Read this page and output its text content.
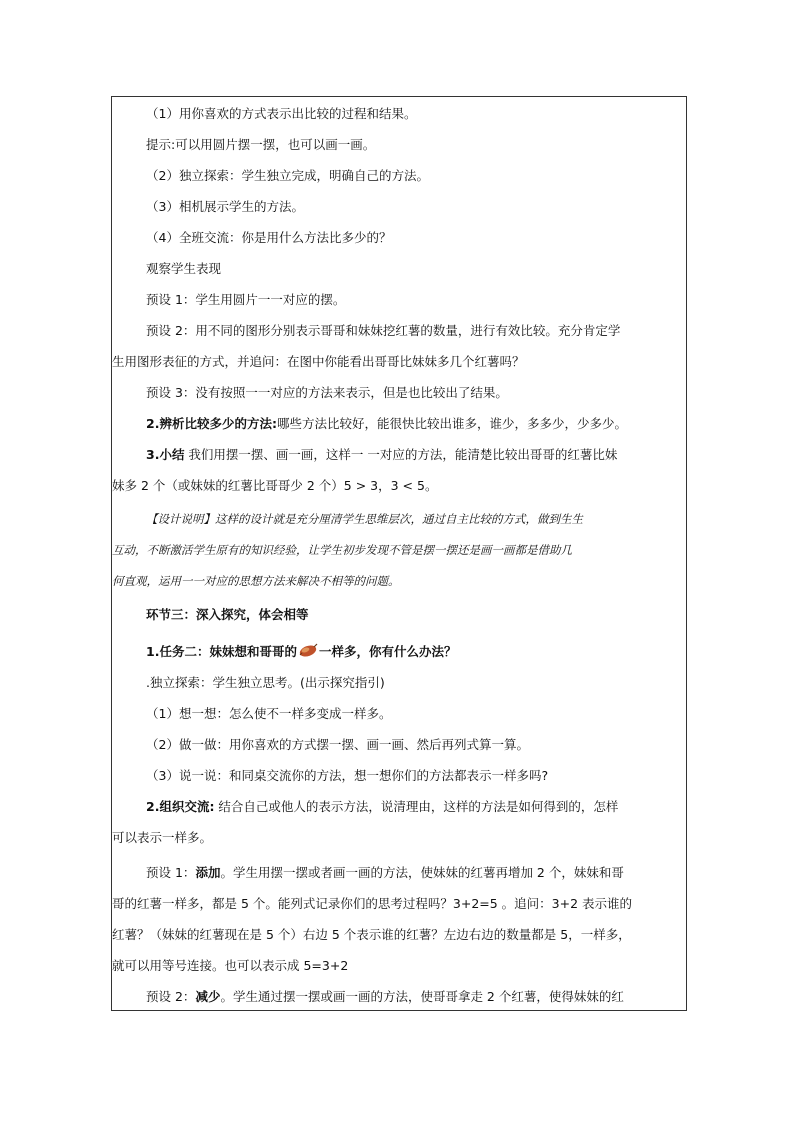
（1）用你喜欢的方式表示出比较的过程和结果。

提示:可以用圆片摆一摆，也可以画一画。

（2）独立探索：学生独立完成，明确自己的方法。

（3）相机展示学生的方法。

（4）全班交流：你是用什么方法比多少的？

观察学生表现

预设 1：学生用圆片一一对应的摆。

预设 2：用不同的图形分别表示哥哥和妹妹挖红薯的数量，进行有效比较。充分肯定学

生用图形表征的方式，并追问：在图中你能看出哥哥比妹妹多几个红薯吗？

预设 3：没有按照一一对应的方法来表示，但是也比较出了结果。

2.辨析比较多少的方法:哪些方法比较好，能很快比较出谁多，谁少，多多少，少多少。

3.小结 我们用摆一摆、画一画，这样一 一对应的方法，能清楚比较出哥哥的红薯比妹

妹多 2 个（或妹妹的红薯比哥哥少 2 个）5 > 3，3 < 5。

【设计说明】这样的设计就是充分厘清学生思维层次，通过自主比较的方式，做到生生

互动，不断激活学生原有的知识经验，让学生初步发现不管是摆一摆还是画一画都是借助几

何直观，运用一一对应的思想方法来解决不相等的问题。

环节三：深入探究，体会相等

1.任务二：妹妹想和哥哥的 一样多，你有什么办法？

.独立探索：学生独立思考。(出示探究指引)

（1）想一想：怎么使不一样多变成一样多。

（2）做一做：用你喜欢的方式摆一摆、画一画、然后再列式算一算。

（3）说一说：和同桌交流你的方法，想一想你们的方法都表示一样多吗?

2.组织交流: 结合自己或他人的表示方法，说清理由，这样的方法是如何得到的，怎样

可以表示一样多。

预设 1：添加。学生用摆一摆或者画一画的方法，使妹妹的红薯再增加 2 个，妹妹和哥

哥的红薯一样多，都是 5 个。能列式记录你们的思考过程吗？3+2=5 。追问：3+2 表示谁的

红薯？（妹妹的红薯现在是 5 个）右边 5 个表示谁的红薯？左边右边的数量都是 5，一样多，

就可以用等号连接。也可以表示成 5=3+2

预设 2：减少。学生通过摆一摆或画一画的方法，使哥哥拿走 2 个红薯，使得妹妹的红
